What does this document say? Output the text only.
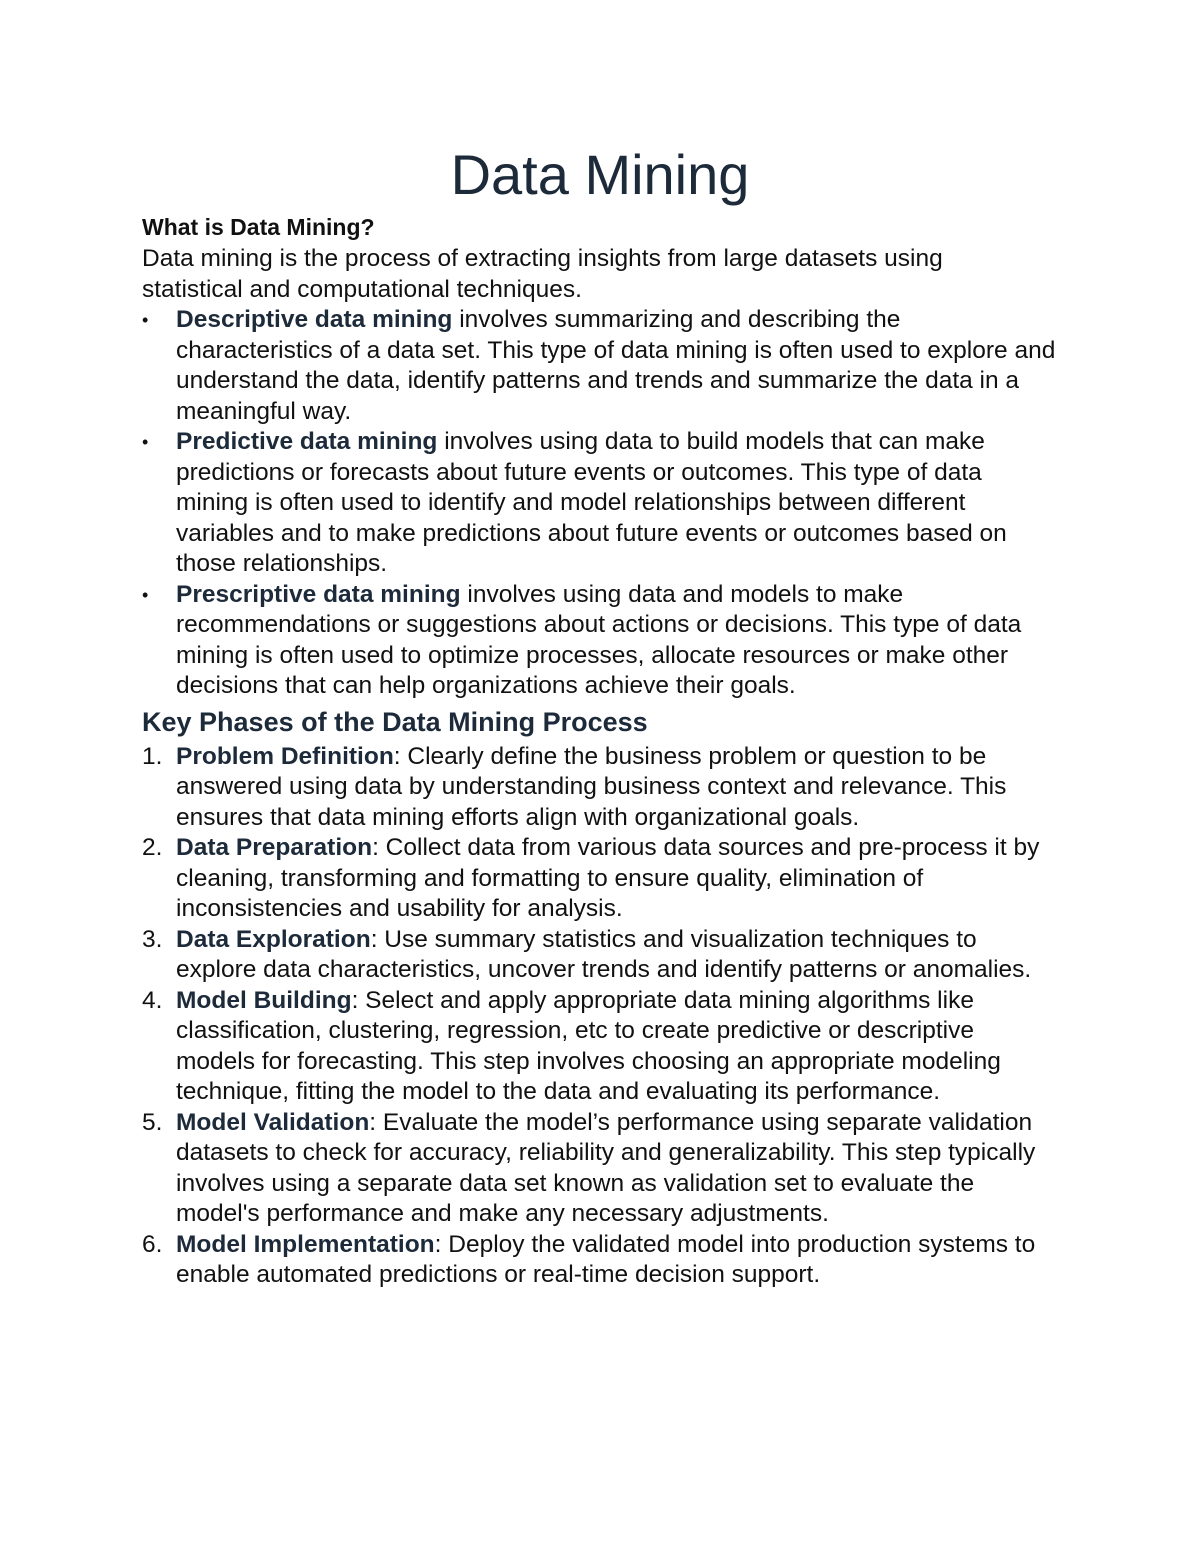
Data Mining
What is Data Mining?

Data mining is the process of extracting insights from large datasets using statistical and computational techniques.

•	Descriptive data mining involves summarizing and describing the characteristics of a data set. This type of data mining is often used to explore and understand the data, identify patterns and trends and summarize the data in a meaningful way.
•	Predictive data mining involves using data to build models that can make predictions or forecasts about future events or outcomes. This type of data mining is often used to identify and model relationships between different variables and to make predictions about future events or outcomes based on those relationships.
•	Prescriptive data mining involves using data and models to make recommendations or suggestions about actions or decisions. This type of data mining is often used to optimize processes, allocate resources or make other decisions that can help organizations achieve their goals.
Key Phases of the Data Mining Process
1. Problem Definition: Clearly define the business problem or question to be answered using data by understanding business context and relevance. This ensures that data mining efforts align with organizational goals.
2. Data Preparation: Collect data from various data sources and pre-process it by cleaning, transforming and formatting to ensure quality, elimination of inconsistencies and usability for analysis.
3. Data Exploration: Use summary statistics and visualization techniques to explore data characteristics, uncover trends and identify patterns or anomalies.
4. Model Building: Select and apply appropriate data mining algorithms like classification, clustering, regression, etc to create predictive or descriptive models for forecasting. This step involves choosing an appropriate modeling technique, fitting the model to the data and evaluating its performance.
5. Model Validation: Evaluate the model’s performance using separate validation datasets to check for accuracy, reliability and generalizability. This step typically involves using a separate data set known as validation set to evaluate the model's performance and make any necessary adjustments.
6. Model Implementation: Deploy the validated model into production systems to enable automated predictions or real-time decision support.
